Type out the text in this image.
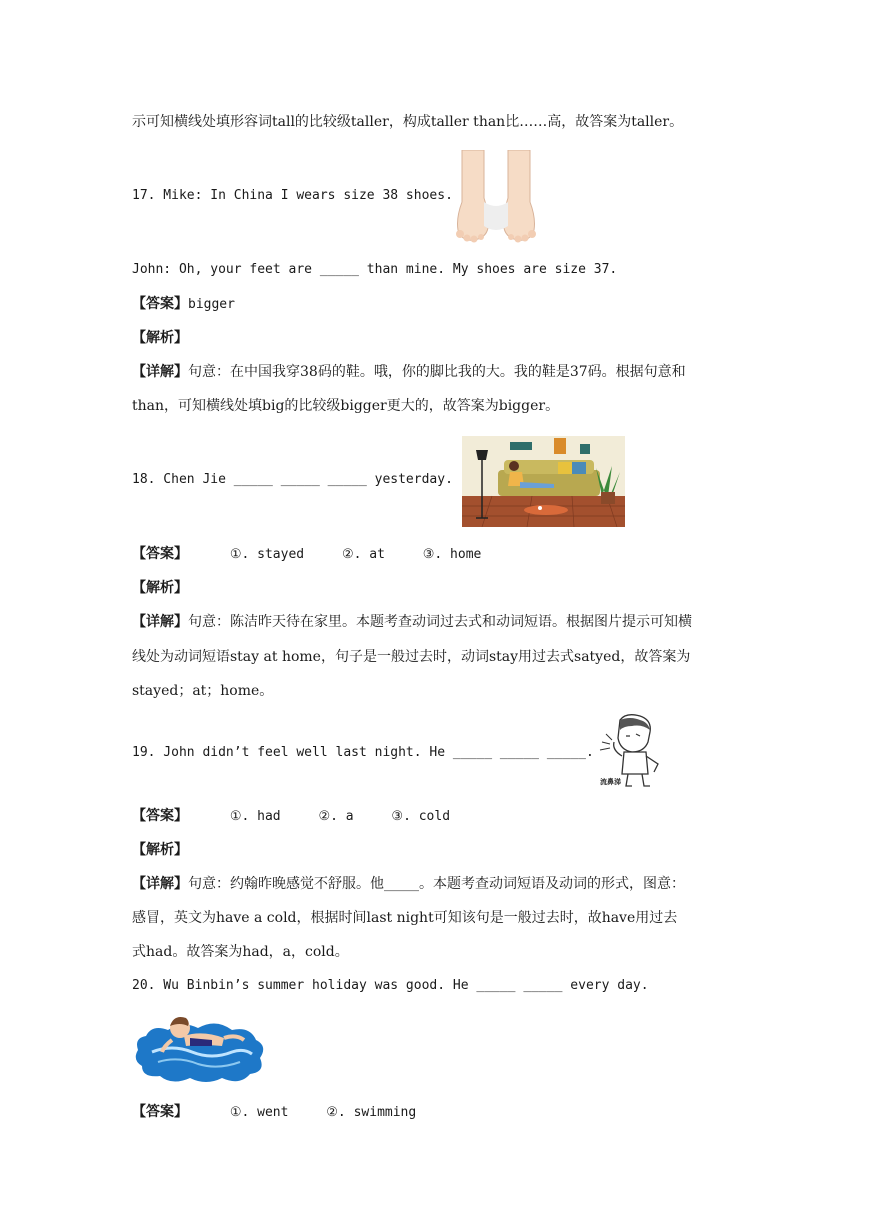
示可知横线处填形容词tall的比较级taller，构成taller than比……高，故答案为taller。
17. Mike: In China I wears size 38 shoes.
John: Oh, your feet are _____ than mine. My shoes are size 37.
【答案】bigger
【解析】
【详解】句意：在中国我穿38码的鞋。哦，你的脚比我的大。我的鞋是37码。根据句意和
than，可知横线处填big的比较级bigger更大的，故答案为bigger。
18. Chen Jie _____ _____ _____ yesterday.
【答案】	①. stayed	②. at	③. home
【解析】
【详解】句意：陈洁昨天待在家里。本题考查动词过去式和动词短语。根据图片提示可知横
线处为动词短语stay at home，句子是一般过去时，动词stay用过去式satyed，故答案为
stayed；at；home。
19. John didn’t feel well last night. He _____ _____ _____.
流鼻涕
【答案】	①. had	②. a	③. cold
【解析】
【详解】句意：约翰昨晚感觉不舒服。他_____。本题考查动词短语及动词的形式，图意：
感冒，英文为have a cold，根据时间last night可知该句是一般过去时，故have用过去
式had。故答案为had，a，cold。
20. Wu Binbin’s summer holiday was good. He _____ _____ every day.
【答案】	①. went	②. swimming
